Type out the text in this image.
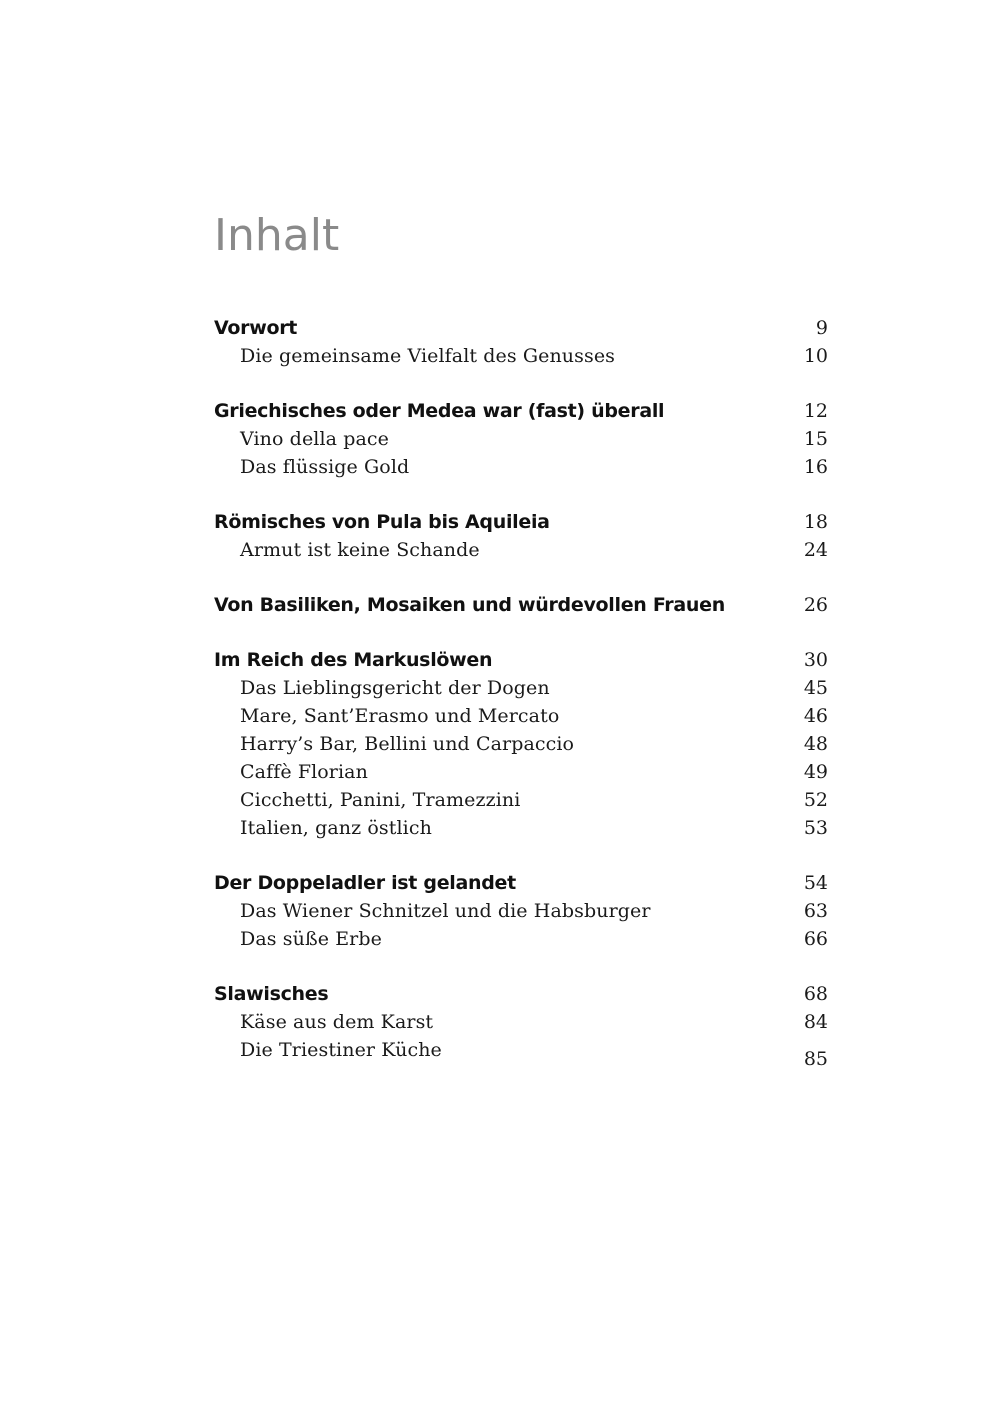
Inhalt
Vorwort	9
Die gemeinsame Vielfalt des Genusses	10
Griechisches oder Medea war (fast) überall	12
Vino della pace	15
Das flüssige Gold	16
Römisches von Pula bis Aquileia	18
Armut ist keine Schande	24
Von Basiliken, Mosaiken und würdevollen Frauen	26
Im Reich des Markuslöwen	30
Das Lieblingsgericht der Dogen	45
Mare, Sant’Erasmo und Mercato	46
Harry’s Bar, Bellini und Carpaccio	48
Caffè Florian	49
Cicchetti, Panini, Tramezzini	52
Italien, ganz östlich	53
Der Doppeladler ist gelandet	54
Das Wiener Schnitzel und die Habsburger	63
Das süße Erbe	66
Slawisches	68
Käse aus dem Karst	84
Die Triestiner Küche	85
